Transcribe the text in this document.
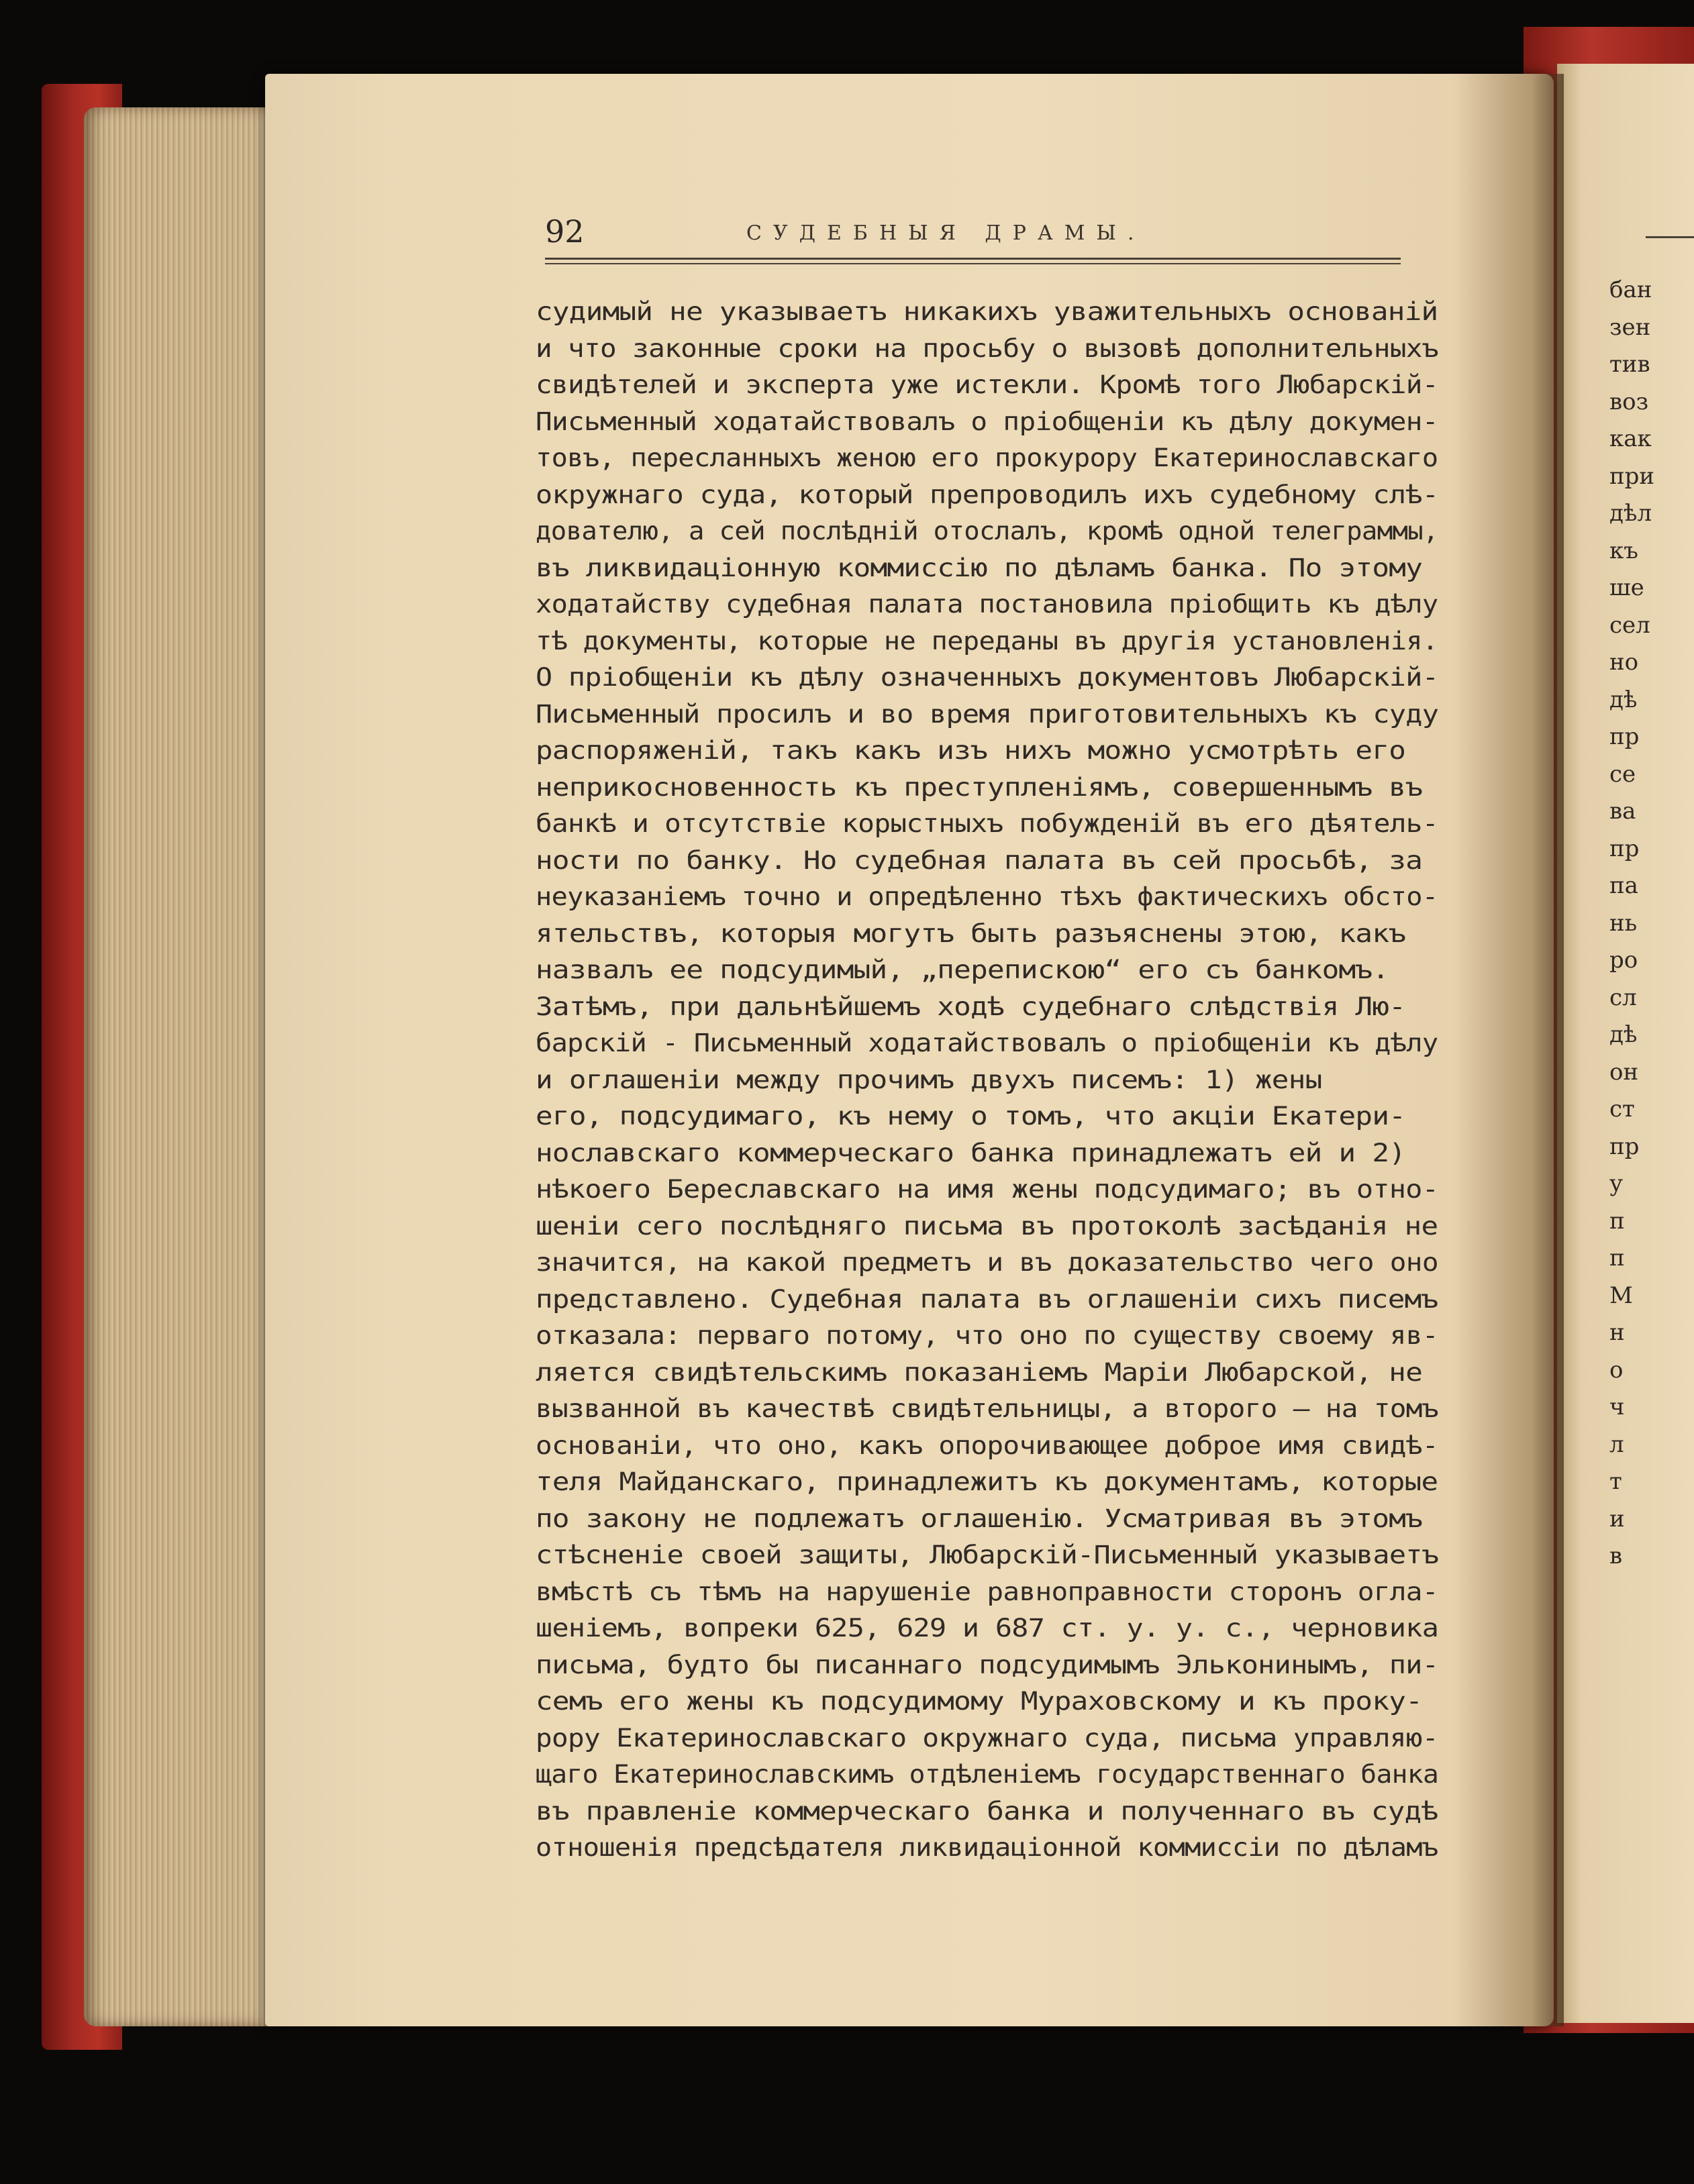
92	СУДЕБНЫЯ ДРАМЫ.
судимый не указываетъ никакихъ уважительныхъ основаній
и что законные сроки на просьбу о вызовѣ дополнительныхъ
свидѣтелей и эксперта уже истекли. Кромѣ того Любарскій-
Письменный ходатайствовалъ о пріобщеніи къ дѣлу докумен-
товъ, пересланныхъ женою его прокурору Екатеринославскаго
окружнаго суда, который препроводилъ ихъ судебному слѣ-
дователю, а сей послѣдній отослалъ, кромѣ одной телеграммы,
въ ликвидаціонную коммиссію по дѣламъ банка. По этому
ходатайству судебная палата постановила пріобщить къ дѣлу
тѣ документы, которые не переданы въ другія установленія.
О пріобщеніи къ дѣлу означенныхъ документовъ Любарскій-
Письменный просилъ и во время приготовительныхъ къ суду
распоряженій, такъ какъ изъ нихъ можно усмотрѣть его
неприкосновенность къ преступленіямъ, совершеннымъ въ
банкѣ и отсутствіе корыстныхъ побужденій въ его дѣятель-
ности по банку. Но судебная палата въ сей просьбѣ, за
неуказаніемъ точно и опредѣленно тѣхъ фактическихъ обсто-
ятельствъ, которыя могутъ быть разъяснены этою, какъ
назвалъ ее подсудимый, „перепискою“ его съ банкомъ.
Затѣмъ, при дальнѣйшемъ ходѣ судебнаго слѣдствія Лю-
барскій - Письменный ходатайствовалъ о пріобщеніи къ дѣлу
и оглашеніи между прочимъ двухъ писемъ: 1) жены
его, подсудимаго, къ нему о томъ, что акціи Екатери-
нославскаго коммерческаго банка принадлежатъ ей и 2)
нѣкоего Береславскаго на имя жены подсудимаго; въ отно-
шеніи сего послѣдняго письма въ протоколѣ засѣданія не
значится, на какой предметъ и въ доказательство чего оно
представлено. Судебная палата въ оглашеніи сихъ писемъ
отказала: перваго потому, что оно по существу своему яв-
ляется свидѣтельскимъ показаніемъ Маріи Любарской, не
вызванной въ качествѣ свидѣтельницы, а второго — на томъ
основаніи, что оно, какъ опорочивающее доброе имя свидѣ-
теля Майданскаго, принадлежитъ къ документамъ, которые
по закону не подлежатъ оглашенію. Усматривая въ этомъ
стѣсненіе своей защиты, Любарскій-Письменный указываетъ
вмѣстѣ съ тѣмъ на нарушеніе равноправности сторонъ огла-
шеніемъ, вопреки 625, 629 и 687 ст. у. у. с., черновика
письма, будто бы писаннаго подсудимымъ Эльконинымъ, пи-
семъ его жены къ подсудимому Мураховскому и къ проку-
рору Екатеринославскаго окружнаго суда, письма управляю-
щаго Екатеринославскимъ отдѣленіемъ государственнаго банка
въ правленіе коммерческаго банка и полученнаго въ судѣ
отношенія предсѣдателя ликвидаціонной коммиссіи по дѣламъ
бан
зен
тив
воз
как
при
дѣл
къ
ше
сел
но
дѣ
пр
се
ва
пр
па
нь
ро
сл
дѣ
он
ст
пр
у
п
п
М
н
о
ч
л
т
и
в
